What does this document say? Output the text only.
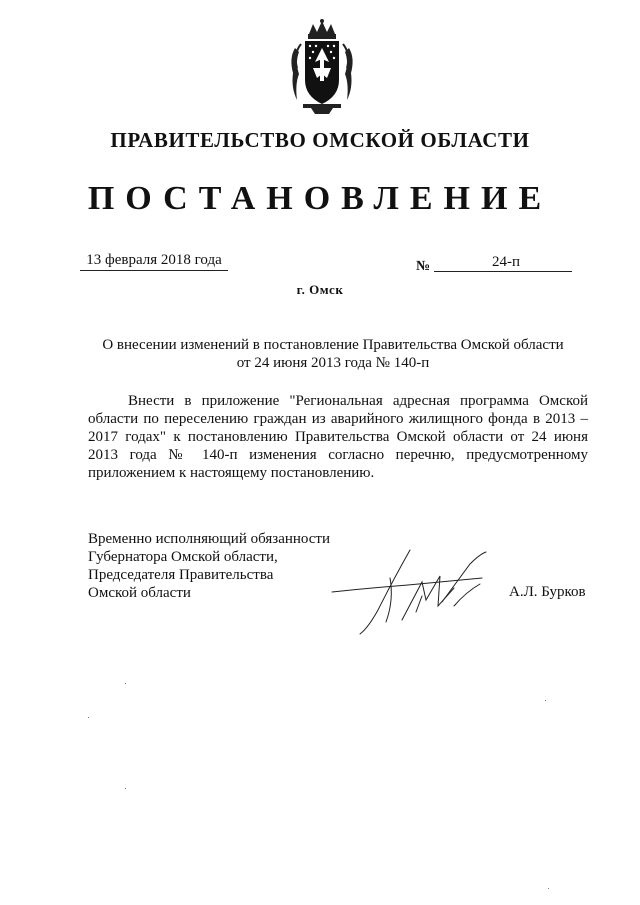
ПРАВИТЕЛЬСТВО ОМСКОЙ ОБЛАСТИ
ПОСТАНОВЛЕНИЕ
13 февраля 2018 года	№	24-п
г. Омск
О внесении изменений в постановление Правительства Омской области
от 24 июня 2013 года № 140-п

Внести в приложение "Региональная адресная программа Омской области по переселению граждан из аварийного жилищного фонда в 2013 – 2017 годах" к постановлению Правительства Омской области от 24 июня 2013 года № 140-п изменения согласно перечню, предусмотренному приложением к настоящему постановлению.

Временно исполняющий обязанности
Губернатора Омской области,
Председателя Правительства
Омской области	А.Л. Бурков
